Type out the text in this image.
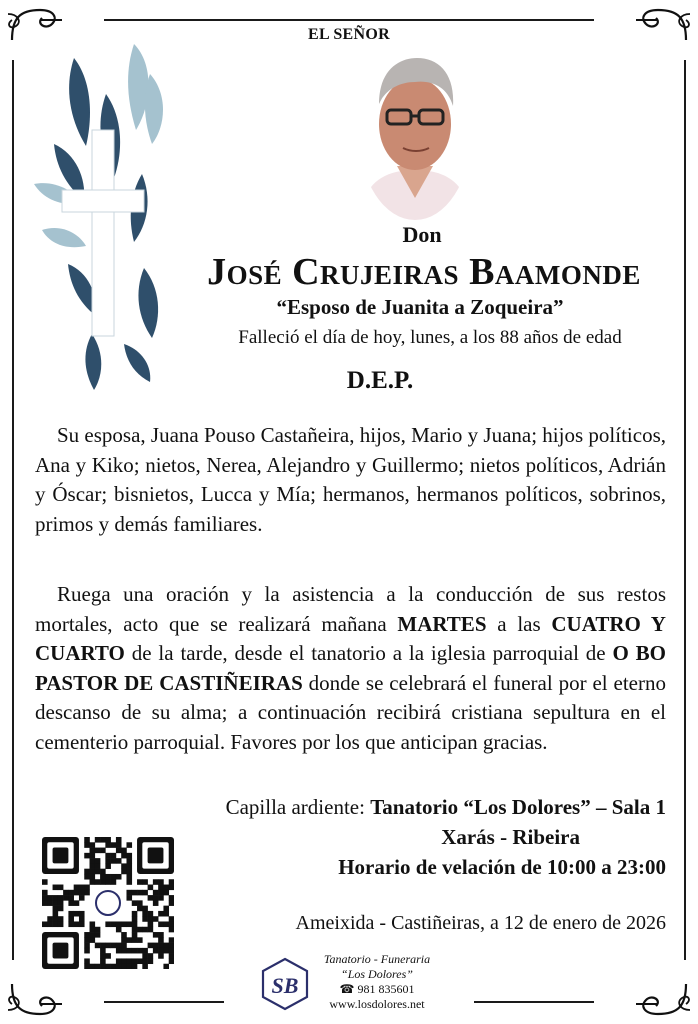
EL SEÑOR
Don
José Crujeiras Baamonde
“Esposo de Juanita a Zoqueira”
Falleció el día de hoy, lunes, a los 88 años de edad
D.E.P.
Su esposa, Juana Pouso Castañeira, hijos, Mario y Juana; hijos políticos, Ana y Kiko; nietos, Nerea, Alejandro y Guillermo; nietos políticos, Adrián y Óscar; bisnietos, Lucca y Mía; hermanos, hermanos políticos, sobrinos, primos y demás familiares.
Ruega una oración y la asistencia a la conducción de sus restos mortales, acto que se realizará mañana MARTES a las CUATRO Y CUARTO de la tarde, desde el tanatorio a la iglesia parroquial de O BO PASTOR DE CASTIÑEIRAS donde se celebrará el funeral por el eterno descanso de su alma; a continuación recibirá cristiana sepultura en el cementerio parroquial. Favores por los que anticipan gracias.
Capilla ardiente: Tanatorio “Los Dolores” – Sala 1
Xarás - Ribeira
Horario de velación de 10:00 a 23:00
Ameixida - Castiñeiras, a 12 de enero de 2026
SB
Tanatorio - Funeraria
“Los Dolores”
☎ 981 835601
www.losdolores.net
